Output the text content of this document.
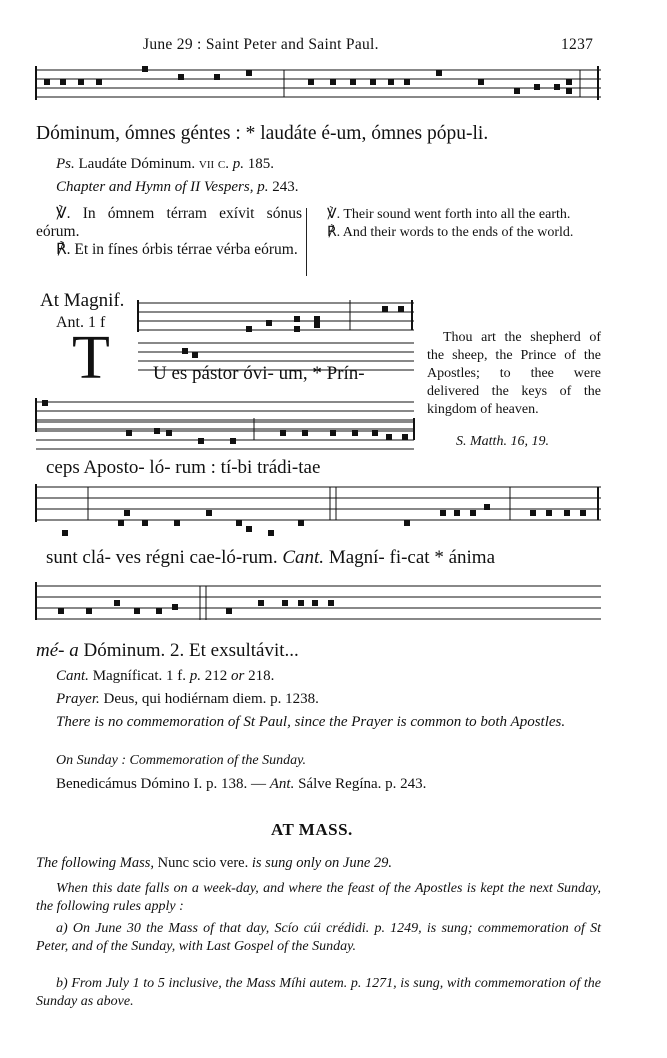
June 29 : Saint Peter and Saint Paul.	1237
Dóminum, ómnes géntes : * laudáte é-um, ómnes pópu-li.
Ps. Laudáte Dóminum. vii c. p. 185.
Chapter and Hymn of II Vespers, p. 243.
℣. In ómnem térram exívit sónus eórum.
℟. Et in fínes órbis térrae vérba eórum.
℣. Their sound went forth into all the earth.
℟. And their words to the ends of the world.
At Magnif.
Ant. 1 f
T	Thou art the shepherd of the sheep, the Prince of the Apostles; to thee were delivered the keys of the kingdom of heaven.
S. Matth. 16, 19.
U es pástor óvi- um, * Prín-
ceps Aposto- ló- rum : tí-bi trádi-tae
sunt clá- ves régni cae-ló-rum. Cant. Magní- fi-cat * ánima
mé- a Dóminum. 2. Et exsultávit...
Cant. Magníficat. 1 f. p. 212 or 218.
Prayer. Deus, qui hodiérnam diem. p. 1238.
There is no commemoration of St Paul, since the Prayer is common to both Apostles.
On Sunday : Commemoration of the Sunday.
Benedicámus Dómino I. p. 138. — Ant. Sálve Regína. p. 243.
AT MASS.
The following Mass, Nunc scio vere. is sung only on June 29.
When this date falls on a week-day, and where the feast of the Apostles is kept the next Sunday, the following rules apply :
a) On June 30 the Mass of that day, Scío cúi crédidi. p. 1249, is sung; commemoration of St Peter, and of the Sunday, with Last Gospel of the Sunday.
b) From July 1 to 5 inclusive, the Mass Míhi autem. p. 1271, is sung, with commemoration of the Sunday as above.
